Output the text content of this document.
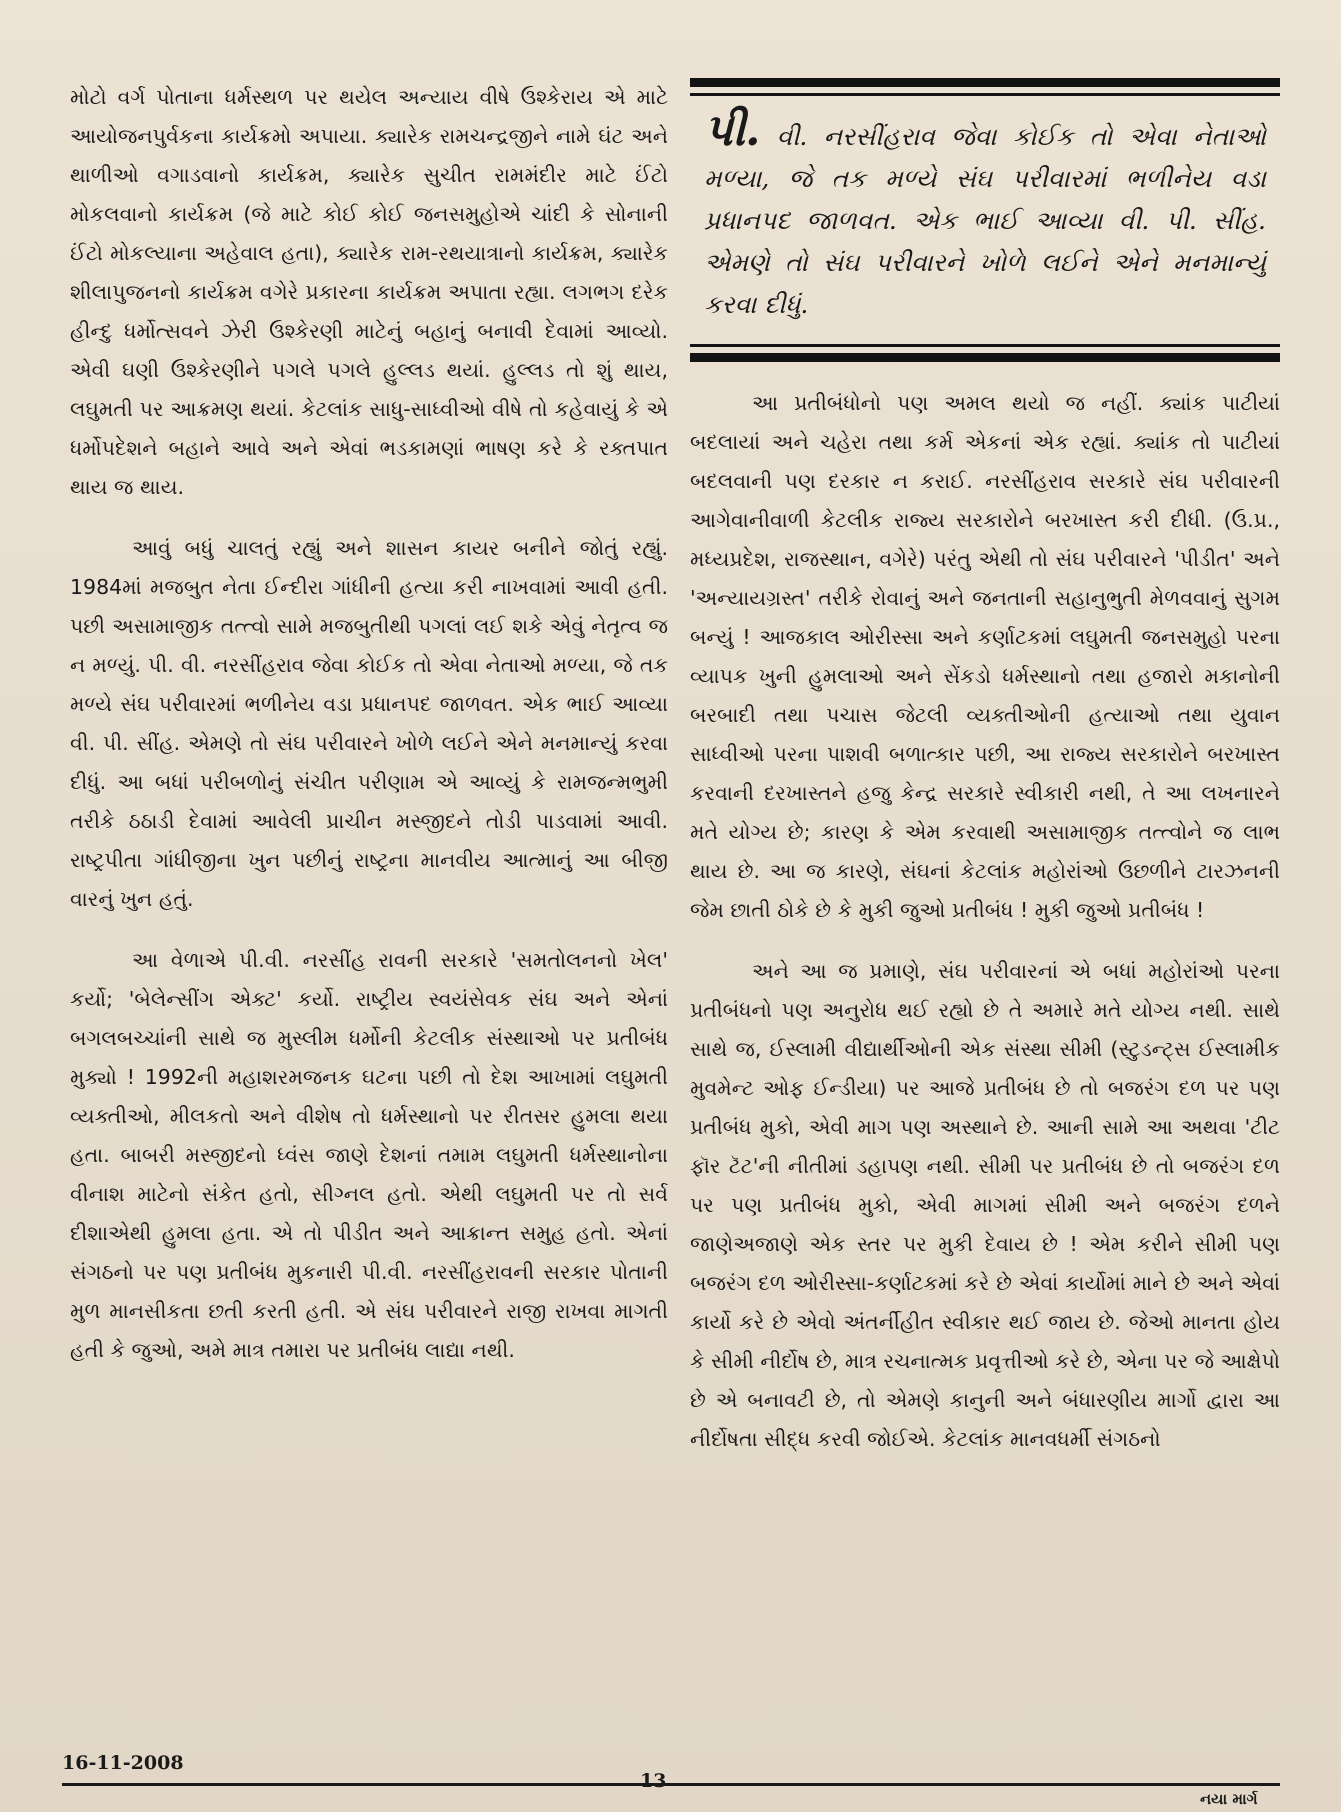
મોટો વર્ગ પોતાના ધર્મસ્થળ પર થયેલ અન્યાય વીષે ઉશ્કેરાય એ માટે આયોજનપુર્વકના કાર્યક્રમો અપાયા. ક્યારેક રામચન્દ્રજીને નામે ઘંટ અને થાળીઓ વગાડવાનો કાર્યક્રમ, ક્યારેક સુચીત રામમંદીર માટે ઈંટો મોકલવાનો કાર્યક્રમ (જે માટે કોઈ કોઈ જનસમુહોએ ચાંદી કે સોનાની ઈંટો મોકલ્યાના અહેવાલ હતા), ક્યારેક રામ-રથયાત્રાનો કાર્યક્રમ, ક્યારેક શીલાપુજનનો કાર્યક્રમ વગેરે પ્રકારના કાર્યક્રમ અપાતા રહ્યા. લગભગ દરેક હીન્દુ ધર્મોત્સવને ઝેરી ઉશ્કેરણી માટેનું બહાનું બનાવી દેવામાં આવ્યો. એવી ઘણી ઉશ્કેરણીને પગલે પગલે હુલ્લડ થયાં. હુલ્લડ તો શું થાય, લઘુમતી પર આક્રમણ થયાં. કેટલાંક સાધુ-સાધ્વીઓ વીષે તો કહેવાયું કે એ ધર્મોપદેશને બહાને આવે અને એવાં ભડકામણાં ભાષણ કરે કે રક્તપાત થાય જ થાય.

આવું બધું ચાલતું રહ્યું અને શાસન કાયર બનીને જોતું રહ્યું. 1984માં મજબુત નેતા ઈન્દીરા ગાંધીની હત્યા કરી નાખવામાં આવી હતી. પછી અસામાજીક તત્ત્વો સામે મજબુતીથી પગલાં લઈ શકે એવું નેતૃત્વ જ ન મળ્યું. પી. વી. નરસીંહરાવ જેવા કોઈક તો એવા નેતાઓ મળ્યા, જે તક મળ્યે સંઘ પરીવારમાં ભળીનેય વડા પ્રધાનપદ જાળવત. એક ભાઈ આવ્યા વી. પી. સીંહ. એમણે તો સંઘ પરીવારને ખોળે લઈને એને મનમાન્યું કરવા દીધું. આ બધાં પરીબળોનું સંચીત પરીણામ એ આવ્યું કે રામજન્મભુમી તરીકે ઠઠાડી દેવામાં આવેલી પ્રાચીન મસ્જીદને તોડી પાડવામાં આવી. રાષ્ટ્રપીતા ગાંધીજીના ખુન પછીનું રાષ્ટ્રના માનવીય આત્માનું આ બીજી વારનું ખુન હતું.

આ વેળાએ પી.વી. નરસીંહ રાવની સરકારે 'સમતોલનનો ખેલ' કર્યો; 'બેલેન્સીંગ એક્ટ' કર્યો. રાષ્ટ્રીય સ્વયંસેવક સંઘ અને એનાં બગલબચ્ચાંની સાથે જ મુસ્લીમ ધર્મોની કેટલીક સંસ્થાઓ પર પ્રતીબંધ મુક્યો ! 1992ની મહાશરમજનક ઘટના પછી તો દેશ આખામાં લઘુમતી વ્યક્તીઓ, મીલકતો અને વીશેષ તો ધર્મસ્થાનો પર રીતસર હુમલા થયા હતા. બાબરી મસ્જીદનો ધ્વંસ જાણે દેશનાં તમામ લઘુમતી ધર્મસ્થાનોના વીનાશ માટેનો સંકેત હતો, સીગ્નલ હતો. એથી લઘુમતી પર તો સર્વ દીશાએથી હુમલા હતા. એ તો પીડીત અને આક્રાન્ત સમુહ હતો. એનાં સંગઠનો પર પણ પ્રતીબંધ મુકનારી પી.વી. નરસીંહરાવની સરકાર પોતાની મુળ માનસીકતા છતી કરતી હતી. એ સંઘ પરીવારને રાજી રાખવા માગતી હતી કે જુઓ, અમે માત્ર તમારા પર પ્રતીબંધ લાદ્યા નથી.

પી. વી. નરસીંહરાવ જેવા કોઈક તો એવા નેતાઓ મળ્યા, જે તક મળ્યે સંઘ પરીવારમાં ભળીનેય વડા પ્રધાનપદ જાળવત. એક ભાઈ આવ્યા વી. પી. સીંહ. એમણે તો સંઘ પરીવારને ખોળે લઈને એને મનમાન્યું કરવા દીધું.

આ પ્રતીબંધોનો પણ અમલ થયો જ નહીં. ક્યાંક પાટીયાં બદલાયાં અને ચહેરા તથા કર્મ એકનાં એક રહ્યાં. ક્યાંક તો પાટીયાં બદલવાની પણ દરકાર ન કરાઈ. નરસીંહરાવ સરકારે સંઘ પરીવારની આગેવાનીવાળી કેટલીક રાજ્ય સરકારોને બરખાસ્ત કરી દીધી. (ઉ.પ્ર., મધ્યપ્રદેશ, રાજસ્થાન, વગેરે) પરંતુ એથી તો સંઘ પરીવારને 'પીડીત' અને 'અન્યાયગ્રસ્ત' તરીકે રોવાનું અને જનતાની સહાનુભુતી મેળવવાનું સુગમ બન્યું ! આજકાલ ઓરીસ્સા અને કર્ણાટકમાં લઘુમતી જનસમુહો પરના વ્યાપક ખુની હુમલાઓ અને સેંકડો ધર્મસ્થાનો તથા હજારો મકાનોની બરબાદી તથા પચાસ જેટલી વ્યક્તીઓની હત્યાઓ તથા યુવાન સાધ્વીઓ પરના પાશવી બળાત્કાર પછી, આ રાજ્ય સરકારોને બરખાસ્ત કરવાની દરખાસ્તને હજુ કેન્દ્ર સરકારે સ્વીકારી નથી, તે આ લખનારને મતે યોગ્ય છે; કારણ કે એમ કરવાથી અસામાજીક તત્ત્વોને જ લાભ થાય છે. આ જ કારણે, સંઘનાં કેટલાંક મહોરાંઓ ઉછળીને ટારઝનની જેમ છાતી ઠોકે છે કે મુકી જુઓ પ્રતીબંધ ! મુકી જુઓ પ્રતીબંધ !

અને આ જ પ્રમાણે, સંઘ પરીવારનાં એ બધાં મહોરાંઓ પરના પ્રતીબંધનો પણ અનુરોધ થઈ રહ્યો છે તે અમારે મતે યોગ્ય નથી. સાથે સાથે જ, ઈસ્લામી વીદ્યાર્થીઓની એક સંસ્થા સીમી (સ્ટુડન્ટ્સ ઈસ્લામીક મુવમેન્ટ ઓફ ઈન્ડીયા) પર આજે પ્રતીબંધ છે તો બજરંગ દળ પર પણ પ્રતીબંધ મુકો, એવી માગ પણ અસ્થાને છે. આની સામે આ અથવા 'ટીટ ફૉર ટૅટ'ની નીતીમાં ડહાપણ નથી. સીમી પર પ્રતીબંધ છે તો બજરંગ દળ પર પણ પ્રતીબંધ મુકો, એવી માગમાં સીમી અને બજરંગ દળને જાણેઅજાણે એક સ્તર પર મુકી દેવાય છે ! એમ કરીને સીમી પણ બજરંગ દળ ઓરીસ્સા-કર્ણાટકમાં કરે છે એવાં કાર્યોમાં માને છે અને એવાં કાર્યો કરે છે એવો અંતર્નીહીત સ્વીકાર થઈ જાય છે. જેઓ માનતા હોય કે સીમી નીર્દોષ છે, માત્ર રચનાત્મક પ્રવૃત્તીઓ કરે છે, એના પર જે આક્ષેપો છે એ બનાવટી છે, તો એમણે કાનુની અને બંધારણીય માર્ગો દ્વારા આ નીર્દોષતા સીદ્ધ કરવી જોઈએ. કેટલાંક માનવધર્મી સંગઠનો

16-11-2008
13
નયા માર્ગ
